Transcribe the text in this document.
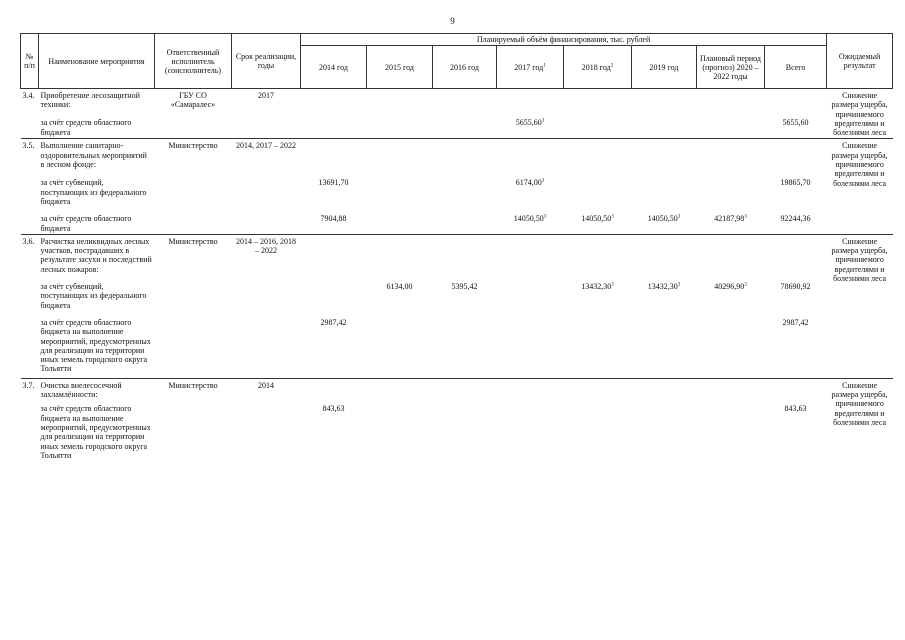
9
№ п/п	Наименование мероприятия	Ответственный исполнитель (соисполнитель)	Срок реализации, годы	Планируемый объём финансирования, тыс. рублей								Ожидаемый результат
				2014 год	2015 год	2016 год	2017 год$^1$	2018 год$^2$	2019 год	Плановый период (прогноз) 2020 – 2022 годы	Всего	
3.4.	Приобретение лесозащитной техники:	ГБУ СО «Самаралес»	2017									Снижение размера ущерба, причиняемого вредителями и болезнями леса

	за счёт средств областного бюджета						5655,60$^3$				5655,60	

3.5.	Выполнение санитарно-оздоровительных мероприятий в лесном фонде:	Министерство	2014, 2017 – 2022									Снижение размера ущерба, причиняемого вредителями и болезнями леса
	за счёт субвенций, поступающих из федерального бюджета			13691,70			6174,00$^3$				19865,70	
	за счёт средств областного бюджета			7904,88			14050,50$^3$	14050,50$^3$	14050,50$^3$	42187,98$^3$	92244,36	

3.6.	Расчистка неликвидных лесных участков, пострадавших в результате засухи и последствий лесных пожаров:	Министерство	2014 – 2016, 2018 – 2022									Снижение размера ущерба, причиняемого вредителями и болезнями леса
	за счёт субвенций, поступающих из федерального бюджета				6134,00	5395,42		13432,30$^3$	13432,30$^3$	40296,90$^3$	78690,92	
	за счёт средств областного бюджета на выполнение мероприятий, предусмотренных для реализации на территории иных земель городского округа Тольятти			2987,42							2987,42	

3.7.	Очистка внелесосечной захламлённости:	Министерство	2014									Снижение размера ущерба, причиняемого вредителями и болезнями леса
	за счёт средств областного бюджета на выполнение мероприятий, предусмотренных для реализации на территории иных земель городского округа Тольятти			843,63							843,63	
